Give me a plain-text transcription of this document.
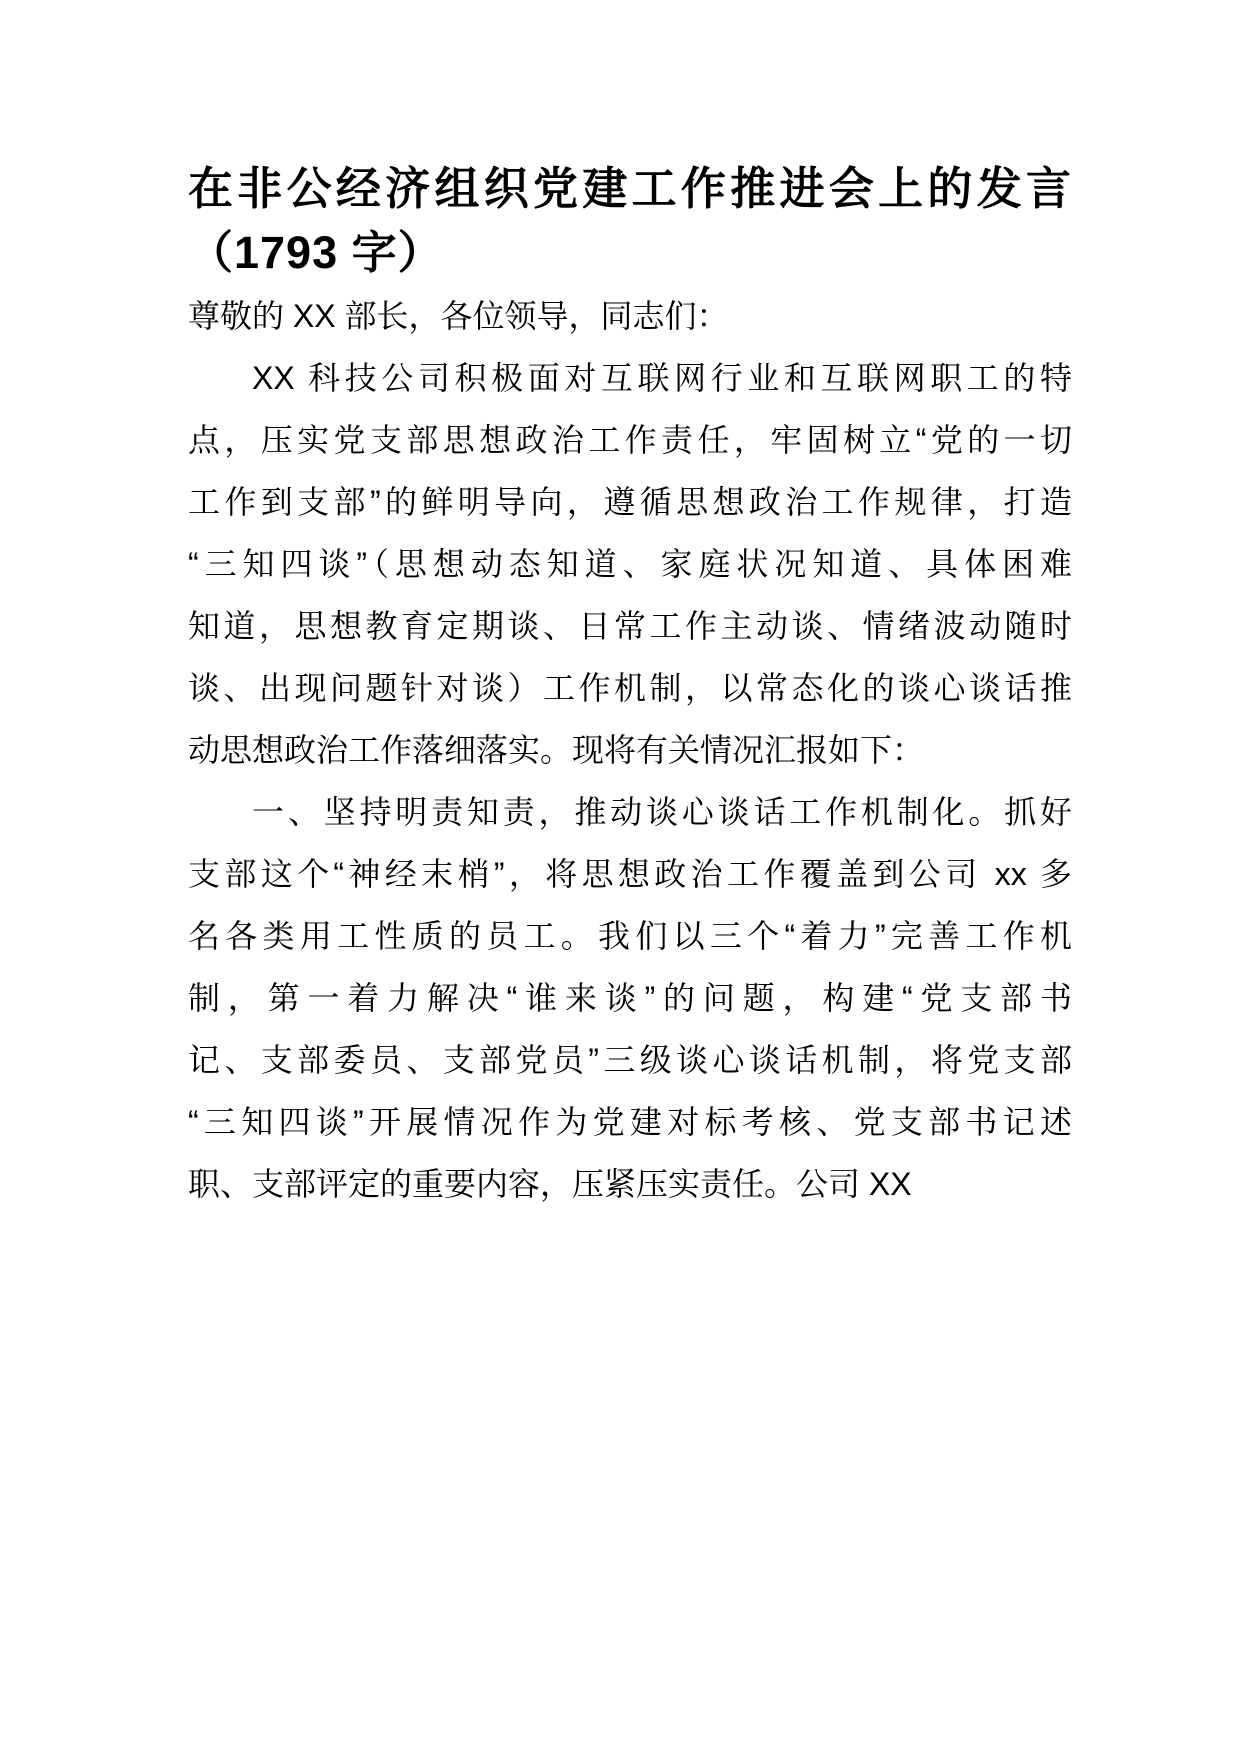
在非公经济组织党建工作推进会上的发言
（1793 字）
尊敬的 XX 部长，各位领导，同志们：
XX 科技公司积极面对互联网行业和互联网职工的特
点，压实党支部思想政治工作责任，牢固树立“党的一切
工作到支部”的鲜明导向，遵循思想政治工作规律，打造
“三知四谈”（思想动态知道、家庭状况知道、具体困难
知道，思想教育定期谈、日常工作主动谈、情绪波动随时
谈、出现问题针对谈）工作机制，以常态化的谈心谈话推
动思想政治工作落细落实。现将有关情况汇报如下：
一、坚持明责知责，推动谈心谈话工作机制化。抓好
支部这个“神经末梢”，将思想政治工作覆盖到公司 xx 多
名各类用工性质的员工。我们以三个“着力”完善工作机
制，第一着力解决“谁来谈”的问题，构建“党支部书
记、支部委员、支部党员”三级谈心谈话机制，将党支部
“三知四谈”开展情况作为党建对标考核、党支部书记述
职、支部评定的重要内容，压紧压实责任。公司 XX
